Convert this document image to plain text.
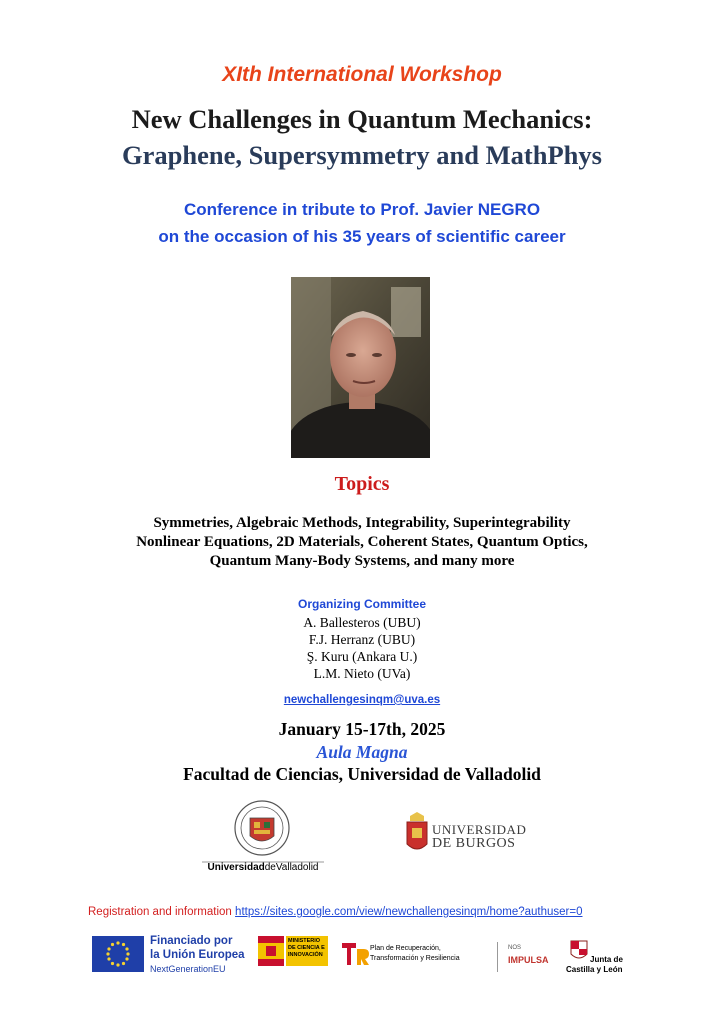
XIth International Workshop
New Challenges in Quantum Mechanics:
Graphene, Supersymmetry and MathPhys
Conference in tribute to Prof. Javier NEGRO
on the occasion of his 35 years of scientific career
Topics
Symmetries, Algebraic Methods, Integrability, Superintegrability
Nonlinear Equations, 2D Materials, Coherent States, Quantum Optics,
Quantum Many-Body Systems, and many more
Organizing Committee
A. Ballesteros (UBU)
F.J. Herranz (UBU)
Ş. Kuru (Ankara U.)
L.M. Nieto (UVa)
newchallengesinqm@uva.es
January 15-17th, 2025
Aula Magna
Facultad de Ciencias, Universidad de Valladolid
UniversidaddeValladolid
UNIVERSIDAD
DE BURGOS
Registration and information https://sites.google.com/view/newchallengesinqm/home?authuser=0
Financiado por
la Unión Europea
NextGenerationEU
MINISTERIO DE CIENCIA E INNOVACIÓN
Plan de Recuperación,
Transformación y Resiliencia
NOS
IMPULSA	Junta de
Castilla y León
